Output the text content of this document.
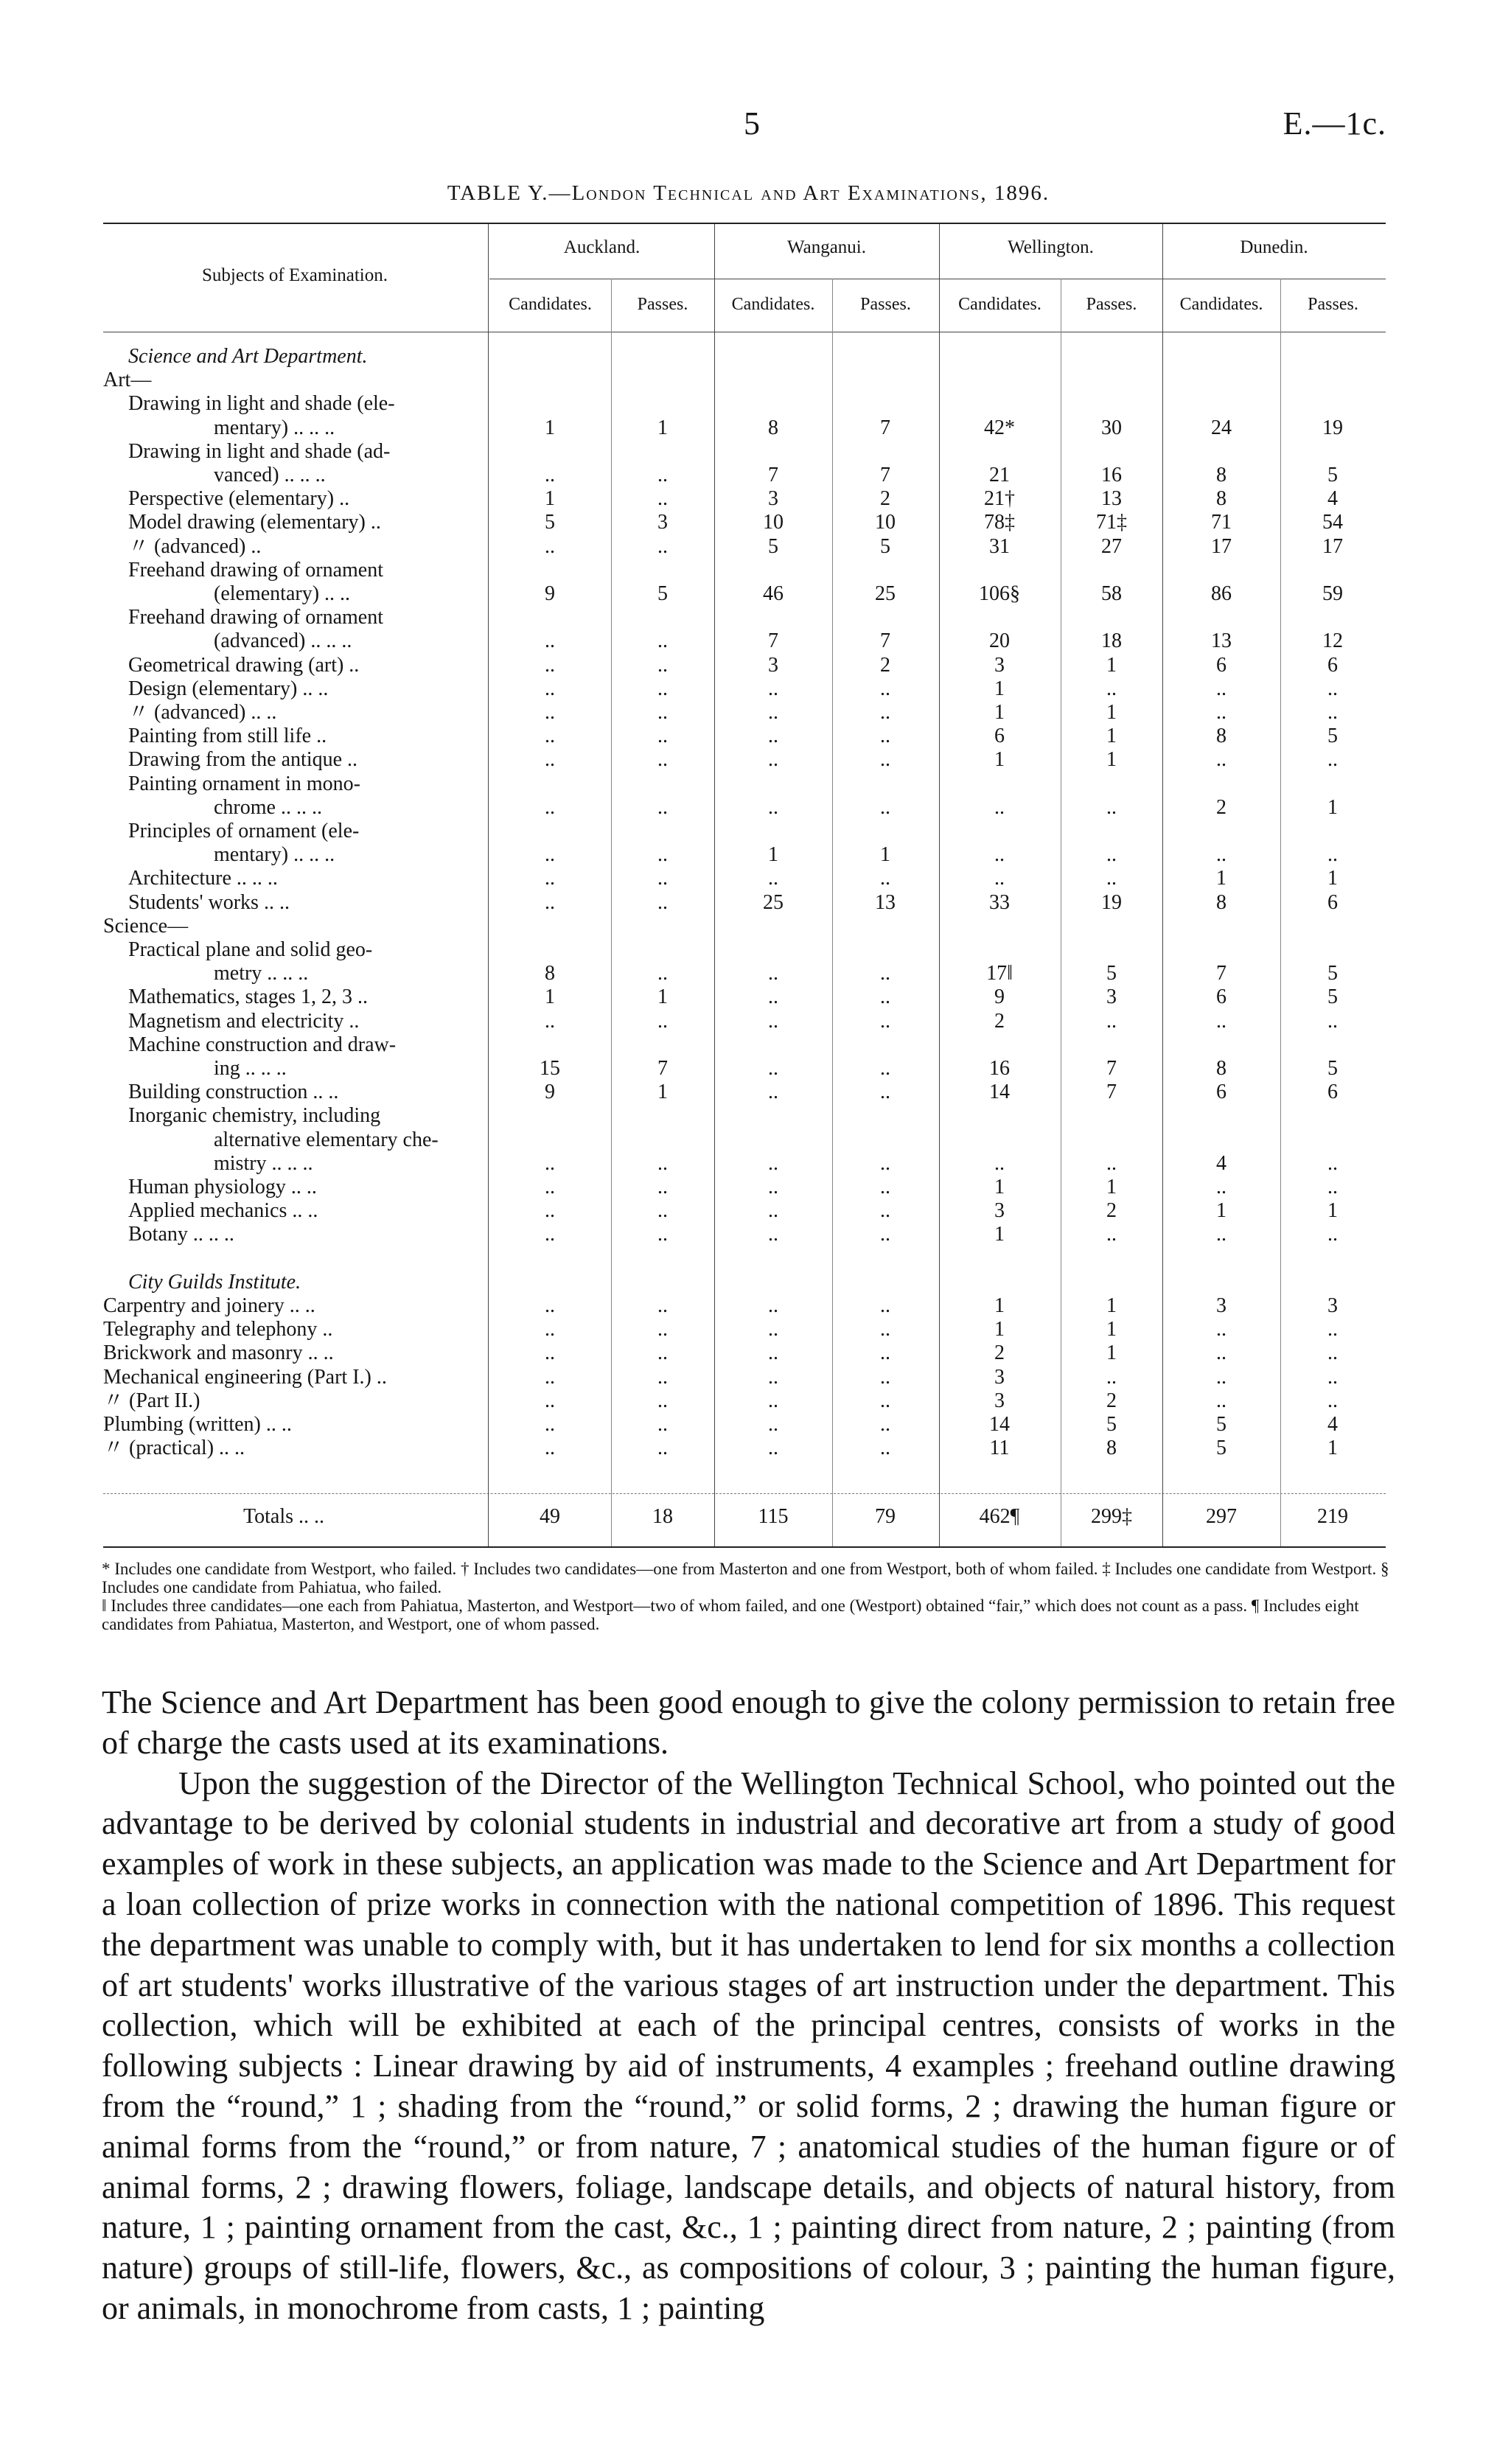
5	E.—1c.
TABLE Y.—London Technical and Art Examinations, 1896.
Subjects of Examination.
Auckland.	Wanganui.	Wellington.	Dunedin.
Candidates.	Passes.	Candidates.	Passes.	Candidates.	Passes.	Candidates.	Passes.
Science and Art Department.
Art—
Drawing in light and shade (ele-
mentary) .. .. ..	1	1	8	7	42*	30	24	19
Drawing in light and shade (ad-
vanced) .. .. ..	..	..	7	7	21	16	8	5
Perspective (elementary) ..	1	..	3	2	21†	13	8	4
Model drawing (elementary) ..	5	3	10	10	78‡	71‡	71	54
〃 (advanced) ..	..	..	5	5	31	27	17	17
Freehand drawing of ornament
(elementary) .. ..	9	5	46	25	106§	58	86	59
Freehand drawing of ornament
(advanced) .. .. ..	..	..	7	7	20	18	13	12
Geometrical drawing (art) ..	..	..	3	2	3	1	6	6
Design (elementary) .. ..	..	..	..	..	1	..	..	..
〃 (advanced) .. ..	..	..	..	..	1	1	..	..
Painting from still life ..	..	..	..	..	6	1	8	5
Drawing from the antique ..	..	..	..	..	1	1	..	..
Painting ornament in mono-
chrome .. .. ..	..	..	..	..	..	..	2	1
Principles of ornament (ele-
mentary) .. .. ..	..	..	1	1	..	..	..	..
Architecture .. .. ..	..	..	..	..	..	..	1	1
Students' works .. ..	..	..	25	13	33	19	8	6
Science—
Practical plane and solid geo-
metry .. .. ..	8	..	..	..	17‖	5	7	5
Mathematics, stages 1, 2, 3 ..	1	1	..	..	9	3	6	5
Magnetism and electricity ..	..	..	..	..	2	..	..	..
Machine construction and draw-
ing .. .. ..	15	7	..	..	16	7	8	5
Building construction .. ..	9	1	..	..	14	7	6	6
Inorganic chemistry, including
alternative elementary che-
mistry .. .. ..	..	..	..	..	..	..	4	..
Human physiology .. ..	..	..	..	..	1	1	..	..
Applied mechanics .. ..	..	..	..	..	3	2	1	1
Botany .. .. ..	..	..	..	..	1	..	..	..
City Guilds Institute.
Carpentry and joinery .. ..	..	..	..	..	1	1	3	3
Telegraphy and telephony ..	..	..	..	..	1	1	..	..
Brickwork and masonry .. ..	..	..	..	..	2	1	..	..
Mechanical engineering (Part I.) ..	..	..	..	..	3	..	..	..
〃 (Part II.)	..	..	..	..	3	2	..	..
Plumbing (written) .. ..	..	..	..	..	14	5	5	4
〃 (practical) .. ..	..	..	..	..	11	8	5	1
Totals .. ..	49	18	115	79	462¶	299‡	297	219

* Includes one candidate from Westport, who failed. † Includes two candidates—one from Masterton and one from Westport, both of whom failed. ‡ Includes one candidate from Westport. § Includes one candidate from Pahiatua, who failed.

‖ Includes three candidates—one each from Pahiatua, Masterton, and Westport—two of whom failed, and one (Westport) obtained “fair,” which does not count as a pass. ¶ Includes eight candidates from Pahiatua, Masterton, and Westport, one of whom passed.

The Science and Art Department has been good enough to give the colony permission to retain free of charge the casts used at its examinations.

Upon the suggestion of the Director of the Wellington Technical School, who pointed out the advantage to be derived by colonial students in industrial and decorative art from a study of good examples of work in these subjects, an application was made to the Science and Art Department for a loan collection of prize works in connection with the national competition of 1896. This request the department was unable to comply with, but it has undertaken to lend for six months a collection of art students' works illustrative of the various stages of art instruction under the department. This collection, which will be exhibited at each of the principal centres, consists of works in the following subjects : Linear drawing by aid of instruments, 4 examples ; freehand outline drawing from the “round,” 1 ; shading from the “round,” or solid forms, 2 ; drawing the human figure or animal forms from the “round,” or from nature, 7 ; anatomical studies of the human figure or of animal forms, 2 ; drawing flowers, foliage, landscape details, and objects of natural history, from nature, 1 ; painting ornament from the cast, &c., 1 ; painting direct from nature, 2 ; painting (from nature) groups of still-life, flowers, &c., as compositions of colour, 3 ; painting the human figure, or animals, in monochrome from casts, 1 ; painting
